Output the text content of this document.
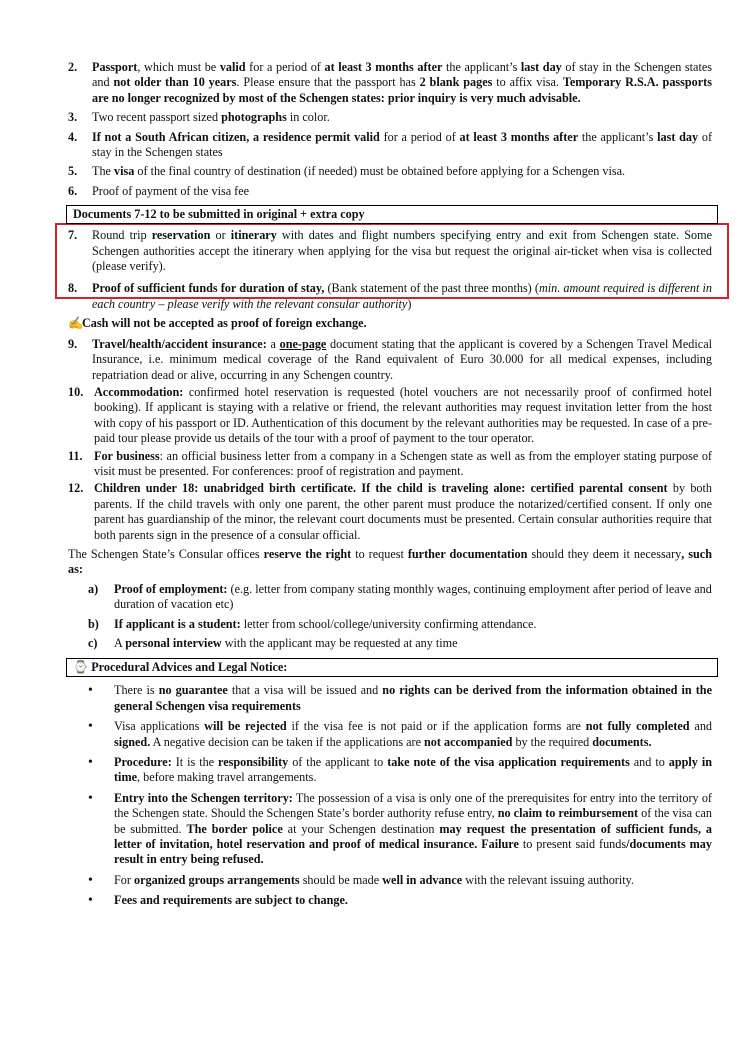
2.	Passport, which must be valid for a period of at least 3 months after the applicant’s last day of stay in the Schengen states and not older than 10 years. Please ensure that the passport has 2 blank pages to affix visa. Temporary R.S.A. passports are no longer recognized by most of the Schengen states: prior inquiry is very much advisable.
3.	Two recent passport sized photographs in color.
4.	If not a South African citizen, a residence permit valid for a period of at least 3 months after the applicant’s last day of stay in the Schengen states
5.	The visa of the final country of destination (if needed) must be obtained before applying for a Schengen visa.
6.	Proof of payment of the visa fee
Documents 7-12 to be submitted in original + extra copy
7.	Round trip reservation or itinerary with dates and flight numbers specifying entry and exit from Schengen state. Some Schengen authorities accept the itinerary when applying for the visa but request the original air-ticket when visa is collected (please verify).
8.	Proof of sufficient funds for duration of stay, (Bank statement of the past three months) (min. amount required is different in each country – please verify with the relevant consular authority)
✍
Cash will not be accepted as proof of foreign exchange.
9.	Travel/health/accident insurance: a one-page document stating that the applicant is covered by a Schengen Travel Medical Insurance, i.e. minimum medical coverage of the Rand equivalent of Euro 30.000 for all medical expenses, including repatriation dead or alive, occurring in any Schengen country.
10. Accommodation: confirmed hotel reservation is requested (hotel vouchers are not necessarily proof of confirmed hotel booking). If applicant is staying with a relative or friend, the relevant authorities may request invitation letter from the host with copy of his passport or ID. Authentication of this document by the relevant authorities may be requested. In case of a pre-paid tour please provide us details of the tour with a proof of payment to the tour operator.
11. For business: an official business letter from a company in a Schengen state as well as from the employer stating purpose of visit must be presented. For conferences: proof of registration and payment.
12. Children under 18: unabridged birth certificate. If the child is traveling alone: certified parental consent by both parents. If the child travels with only one parent, the other parent must produce the notarized/certified consent. If only one parent has guardianship of the minor, the relevant court documents must be presented. Certain consular authorities require that both parents sign in the presence of a consular official.
The Schengen State’s Consular offices reserve the right to request further documentation should they deem it necessary, such as:
a)	Proof of employment: (e.g. letter from company stating monthly wages, continuing employment after period of leave and duration of vacation etc)
b)	If applicant is a student: letter from school/college/university confirming attendance.
c)	A personal interview with the applicant may be requested at any time
⌚ Procedural Advices and Legal Notice:
•	There is no guarantee that a visa will be issued and no rights can be derived from the information obtained in the general Schengen visa requirements
•	Visa applications will be rejected if the visa fee is not paid or if the application forms are not fully completed and signed. A negative decision can be taken if the applications are not accompanied by the required documents.
•	Procedure: It is the responsibility of the applicant to take note of the visa application requirements and to apply in time, before making travel arrangements.
•	Entry into the Schengen territory: The possession of a visa is only one of the prerequisites for entry into the territory of the Schengen state. Should the Schengen State’s border authority refuse entry, no claim to reimbursement of the visa can be submitted. The border police at your Schengen destination may request the presentation of sufficient funds, a letter of invitation, hotel reservation and proof of medical insurance. Failure to present said funds/documents may result in entry being refused.
•	For organized groups arrangements should be made well in advance with the relevant issuing authority.
•	Fees and requirements are subject to change.
